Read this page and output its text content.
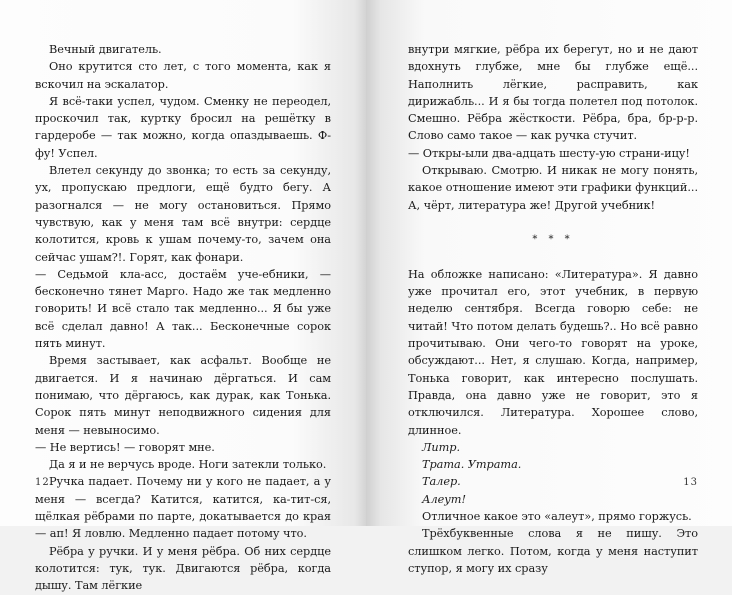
Вечный двигатель.

Оно крутится сто лет, с того момента, как я вскочил на эскалатор.

Я всё-таки успел, чудом. Сменку не переодел, проскочил так, куртку бросил на решётку в гардеробе — так можно, когда опаздываешь. Ф-фу! Успел.

Влетел секунду до звонка; то есть за секунду, ух, пропускаю предлоги, ещё будто бегу. А разогнался — не могу остановиться. Прямо чувствую, как у меня там всё внутри: сердце колотится, кровь к ушам почему-то, зачем она сейчас ушам?!. Горят, как фонари.

— Седьмой кла-асс, достаём уче-ебники, — бесконечно тянет Марго. Надо же так медленно говорить! И всё стало так медленно... Я бы уже всё сделал давно! А так... Бесконечные сорок пять минут.

Время застывает, как асфальт. Вообще не двигается. И я начинаю дёргаться. И сам понимаю, что дёргаюсь, как дурак, как Тонька. Сорок пять минут неподвижного сидения для меня — невыносимо.

— Не вертись! — говорят мне.

Да я и не верчусь вроде. Ноги затекли только.

Ручка падает. Почему ни у кого не падает, а у меня — всегда? Катится, катится, ка-тит-ся, щёлкая рёбрами по парте, докатывается до края — ап! Я ловлю. Медленно падает потому что.

Рёбра у ручки. И у меня рёбра. Об них сердце колотится: тук, тук. Двигаются рёбра, когда дышу. Там лёгкие

12

внутри мягкие, рёбра их берегут, но и не дают вдохнуть глубже, мне бы глубже ещё... Наполнить лёгкие, расправить, как дирижабль... И я бы тогда полетел под потолок. Смешно. Рёбра жёсткости. Рёбра, бра, бр-р-р. Слово само такое — как ручка стучит.

— Откры-ыли два-адцать шесту-ую страни-ицу!

Открываю. Смотрю. И никак не могу понять, какое отношение имеют эти графики функций... А, чёрт, литература же! Другой учебник!

* * *

На обложке написано: «Литература». Я давно уже прочитал его, этот учебник, в первую неделю сентября. Всегда говорю себе: не читай! Что потом делать будешь?.. Но всё равно прочитываю. Они чего-то говорят на уроке, обсуждают... Нет, я слушаю. Когда, например, Тонька говорит, как интересно послушать. Правда, она давно уже не говорит, это я отключился. Литература. Хорошее слово, длинное.

Литр.

Трата. Утрата.

Талер.

Алеут!

Отличное какое это «алеут», прямо горжусь.

Трёхбуквенные слова я не пишу. Это слишком легко. Потом, когда у меня наступит ступор, я могу их сразу

13
